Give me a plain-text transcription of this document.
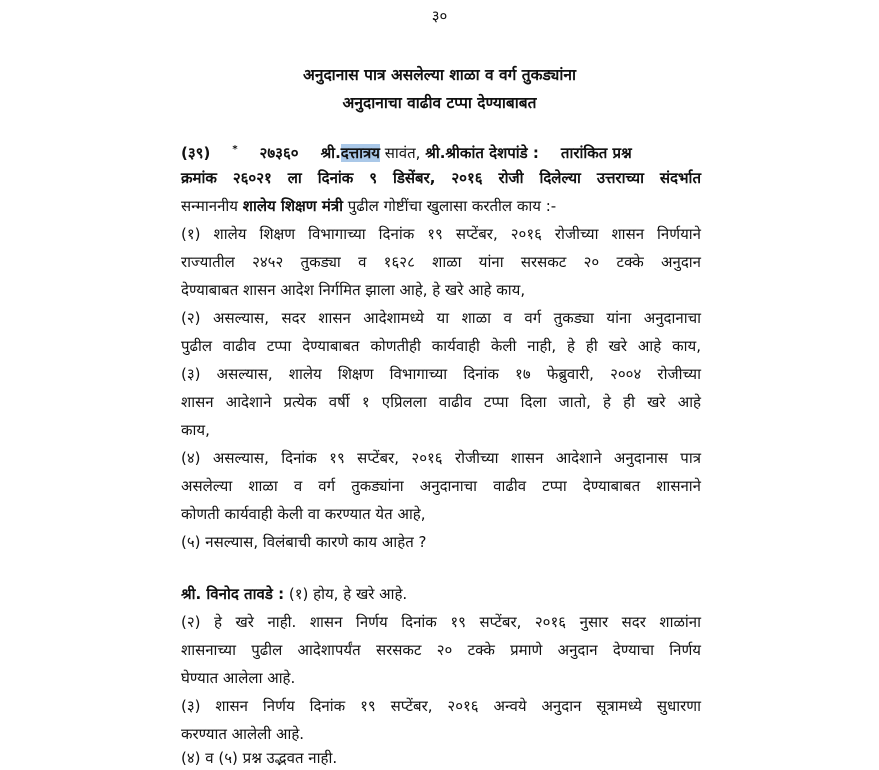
३०
अनुदानास पात्र असलेल्या शाळा व वर्ग तुकड्यांना
अनुदानाचा वाढीव टप्पा देण्याबाबत
(३९) * २७३६० श्री.दत्तात्रय सावंत, श्री.श्रीकांत देशपांडे : तारांकित प्रश्न
क्रमांक २६०२१ ला दिनांक ९ डिसेंबर, २०१६ रोजी दिलेल्या उत्तराच्या संदर्भात
सन्माननीय शालेय शिक्षण मंत्री पुढील गोष्टींचा खुलासा करतील काय :-
(१) शालेय शिक्षण विभागाच्या दिनांक १९ सप्टेंबर, २०१६ रोजीच्या शासन निर्णयाने
राज्यातील २४५२ तुकड्या व १६२८ शाळा यांना सरसकट २० टक्के अनुदान
देण्याबाबत शासन आदेश निर्गमित झाला आहे, हे खरे आहे काय,
(२) असल्यास, सदर शासन आदेशामध्ये या शाळा व वर्ग तुकड्या यांना अनुदानाचा
पुढील वाढीव टप्पा देण्याबाबत कोणतीही कार्यवाही केली नाही, हे ही खरे आहे काय,
(३) असल्यास, शालेय शिक्षण विभागाच्या दिनांक १७ फेब्रुवारी, २००४ रोजीच्या
शासन आदेशाने प्रत्येक वर्षी १ एप्रिलला वाढीव टप्पा दिला जातो, हे ही खरे आहे
काय,
(४) असल्यास, दिनांक १९ सप्टेंबर, २०१६ रोजीच्या शासन आदेशाने अनुदानास पात्र
असलेल्या शाळा व वर्ग तुकड्यांना अनुदानाचा वाढीव टप्पा देण्याबाबत शासनाने
कोणती कार्यवाही केली वा करण्यात येत आहे,
(५) नसल्यास, विलंबाची कारणे काय आहेत ?
श्री. विनोद तावडे : (१) होय, हे खरे आहे.
(२) हे खरे नाही. शासन निर्णय दिनांक १९ सप्टेंबर, २०१६ नुसार सदर शाळांना
शासनाच्या पुढील आदेशापर्यंत सरसकट २० टक्के प्रमाणे अनुदान देण्याचा निर्णय
घेण्यात आलेला आहे.
(३) शासन निर्णय दिनांक १९ सप्टेंबर, २०१६ अन्वये अनुदान सूत्रामध्ये सुधारणा
करण्यात आलेली आहे.
(४) व (५) प्रश्न उद्भवत नाही.
